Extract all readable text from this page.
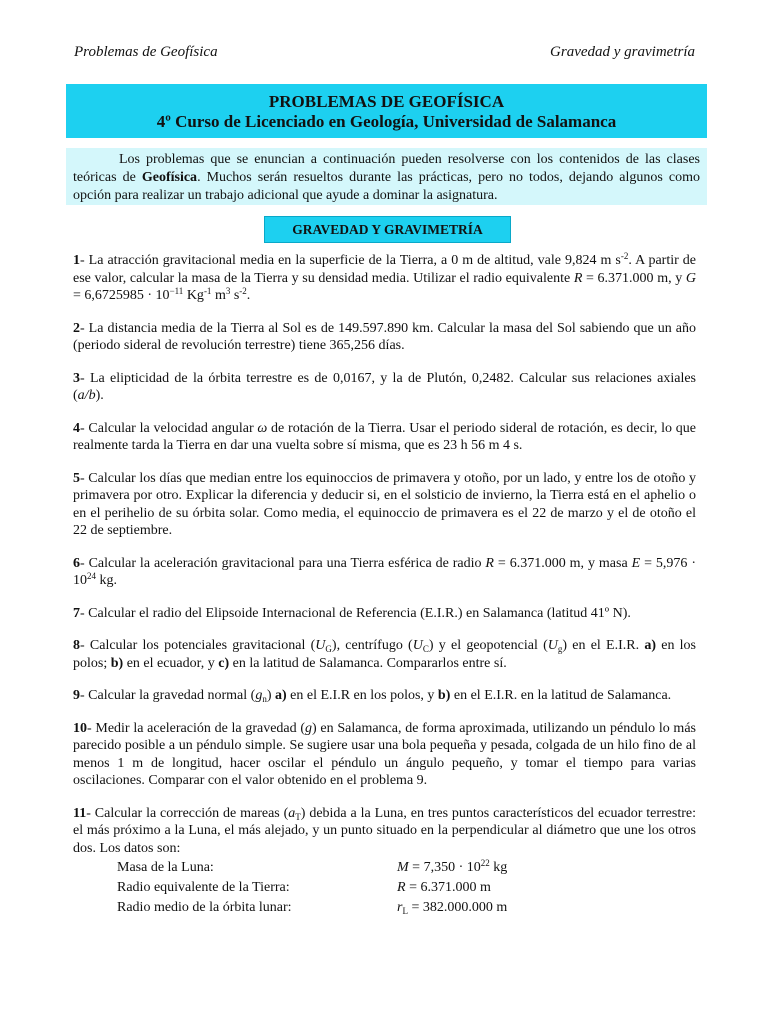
Problemas de Geofísica	Gravedad y gravimetría
PROBLEMAS DE GEOFÍSICA
4º Curso de Licenciado en Geología, Universidad de Salamanca

Los problemas que se enuncian a continuación pueden resolverse con los contenidos de las clases teóricas de Geofísica. Muchos serán resueltos durante las prácticas, pero no todos, dejando algunos como opción para realizar un trabajo adicional que ayude a dominar la asignatura.

GRAVEDAD Y GRAVIMETRÍA

1- La atracción gravitacional media en la superficie de la Tierra, a 0 m de altitud, vale 9,824 m $s^{-2}$. A partir de ese valor, calcular la masa de la Tierra y su densidad media. Utilizar el radio equivalente R = 6.371.000 m, y $G = 6,6725985 \cdot 10^{-11}$ $Kg^{-1}$ $m^3$ $s^{-2}$.

2- La distancia media de la Tierra al Sol es de 149.597.890 km. Calcular la masa del Sol sabiendo que un año (periodo sideral de revolución terrestre) tiene 365,256 días.

3- La elipticidad de la órbita terrestre es de 0,0167, y la de Plutón, 0,2482. Calcular sus relaciones axiales (a/b).

4- Calcular la velocidad angular ω de rotación de la Tierra. Usar el periodo sideral de rotación, es decir, lo que realmente tarda la Tierra en dar una vuelta sobre sí misma, que es 23 h 56 m 4 s.

5- Calcular los días que median entre los equinoccios de primavera y otoño, por un lado, y entre los de otoño y primavera por otro. Explicar la diferencia y deducir si, en el solsticio de invierno, la Tierra está en el aphelio o en el perihelio de su órbita solar. Como media, el equinoccio de primavera es el 22 de marzo y el de otoño el 22 de septiembre.

6- Calcular la aceleración gravitacional para una Tierra esférica de radio R = 6.371.000 m, y masa $E = 5,976 \cdot 10^{24}$ kg.

7- Calcular el radio del Elipsoide Internacional de Referencia (E.I.R.) en Salamanca (latitud 41º N).

8- Calcular los potenciales gravitacional $(U_G)$, centrífugo $(U_C)$ y el geopotencial $(U_g)$ en el E.I.R. a) en los polos; b) en el ecuador, y c) en la latitud de Salamanca. Compararlos entre sí.

9- Calcular la gravedad normal $(g_n)$ a) en el E.I.R en los polos, y b) en el E.I.R. en la latitud de Salamanca.

10- Medir la aceleración de la gravedad (g) en Salamanca, de forma aproximada, utilizando un péndulo lo más parecido posible a un péndulo simple. Se sugiere usar una bola pequeña y pesada, colgada de un hilo fino de al menos 1 m de longitud, hacer oscilar el péndulo un ángulo pequeño, y tomar el tiempo para varias oscilaciones. Comparar con el valor obtenido en el problema 9.

11- Calcular la corrección de mareas $(a_T)$ debida a la Luna, en tres puntos característicos del ecuador terrestre: el más próximo a la Luna, el más alejado, y un punto situado en la perpendicular al diámetro que une los otros dos. Los datos son:
Masa de la Luna:	$M = 7,350 \cdot 10^{22}$ kg
Radio equivalente de la Tierra:	R = 6.371.000 m
Radio medio de la órbita lunar:	$r_L = 382.000.000$ m
